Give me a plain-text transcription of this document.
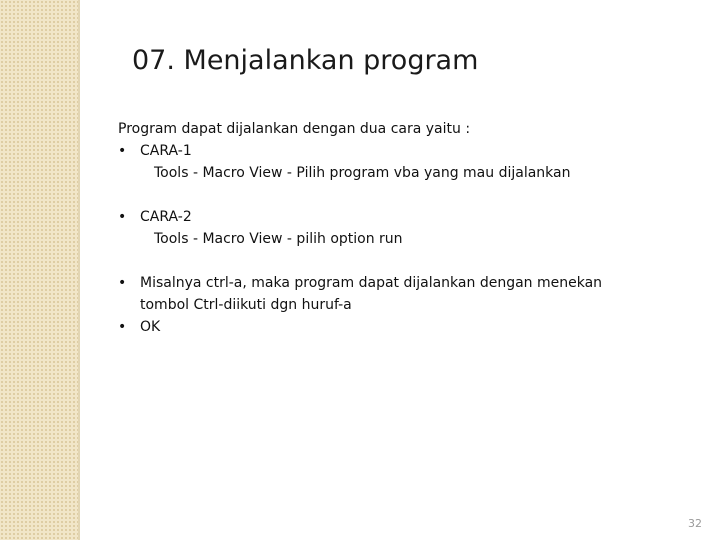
07. Menjalankan program
Program dapat dijalankan dengan dua cara yaitu :
• CARA-1
Tools - Macro View - Pilih program vba yang mau dijalankan
• CARA-2
Tools - Macro View - pilih option run
• Misalnya ctrl-a, maka program dapat dijalankan dengan menekan tombol Ctrl-diikuti dgn huruf-a
• OK
32
